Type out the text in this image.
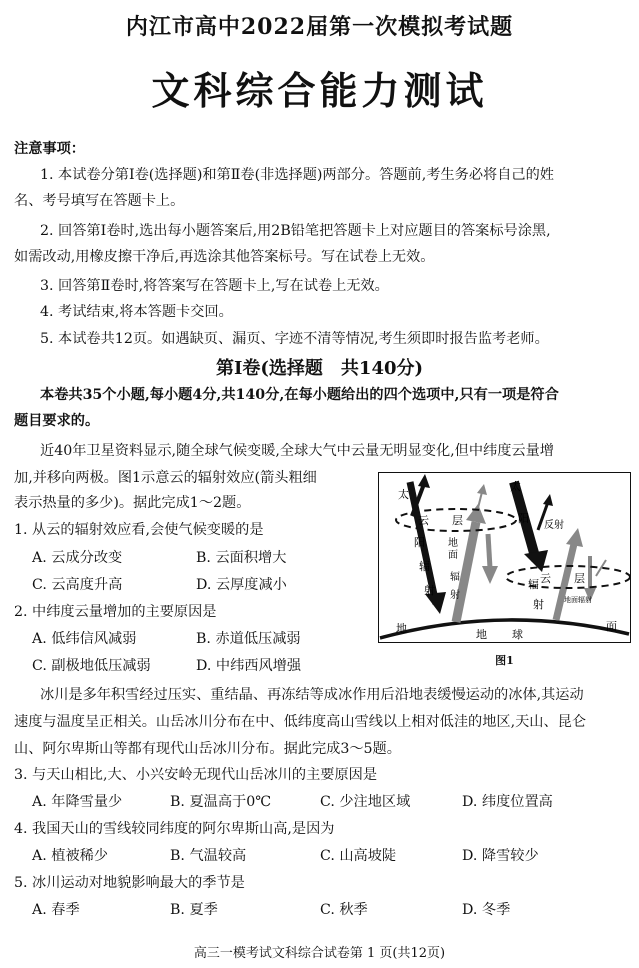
内江市高中2022届第一次模拟考试题
文科综合能力测试
注意事项：
1. 本试卷分第Ⅰ卷(选择题)和第Ⅱ卷(非选择题)两部分。答题前,考生务必将自己的姓
名、考号填写在答题卡上。
2. 回答第Ⅰ卷时,选出每小题答案后,用2B铅笔把答题卡上对应题目的答案标号涂黑,
如需改动,用橡皮擦干净后,再选涂其他答案标号。写在试卷上无效。
3. 回答第Ⅱ卷时,将答案写在答题卡上,写在试卷上无效。
4. 考试结束,将本答题卡交回。
5. 本试卷共12页。如遇缺页、漏页、字迹不清等情况,考生须即时报告监考老师。
第Ⅰ卷(选择题　共140分)
本卷共35个小题,每小题4分,共140分,在每小题给出的四个选项中,只有一项是符合
题目要求的。
近40年卫星资料显示,随全球气候变暖,全球大气中云量无明显变化,但中纬度云量增
加,并移向两极。图1示意云的辐射效应(箭头粗细
表示热量的多少)。据此完成1～2题。
1. 从云的辐射效应看,会使气候变暖的是
A. 云成分改变	B. 云面积增大
C. 云高度升高	D. 云厚度减小
2. 中纬度云量增加的主要原因是
A. 低纬信风减弱	B. 赤道低压减弱
C. 副极地低压减弱	D. 中纬西风增强
太
阳
辐
射
云 层
地
面
辐
射
太
阳
辐
射
反射
云 层
地面辐射
地	地 球
面
图1
冰川是多年积雪经过压实、重结晶、再冻结等成冰作用后沿地表缓慢运动的冰体,其运动
速度与温度呈正相关。山岳冰川分布在中、低纬度高山雪线以上相对低洼的地区,天山、昆仑
山、阿尔卑斯山等都有现代山岳冰川分布。据此完成3～5题。
3. 与天山相比,大、小兴安岭无现代山岳冰川的主要原因是
A. 年降雪量少	B. 夏温高于0℃	C. 少注地区域	D. 纬度位置高
4. 我国天山的雪线较同纬度的阿尔卑斯山高,是因为
A. 植被稀少	B. 气温较高	C. 山高坡陡	D. 降雪较少
5. 冰川运动对地貌影响最大的季节是
A. 春季	B. 夏季	C. 秋季	D. 冬季
高三一模考试文科综合试卷第 1 页(共12页)
